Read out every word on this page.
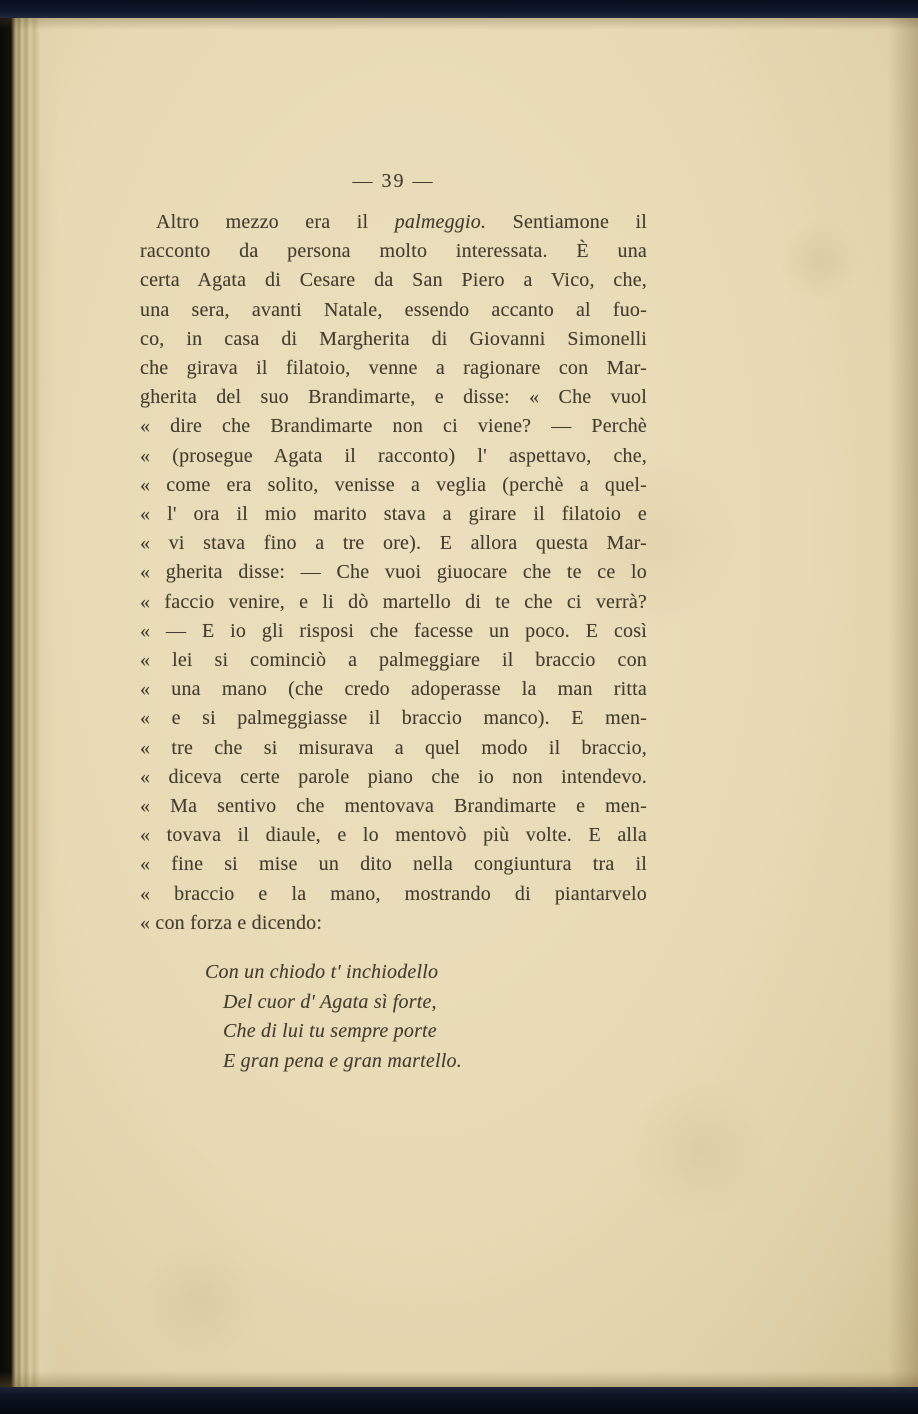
— 39 —
Altro mezzo era il palmeggio. Sentiamone il
racconto da persona molto interessata. È una
certa Agata di Cesare da San Piero a Vico, che,
una sera, avanti Natale, essendo accanto al fuo-
co, in casa di Margherita di Giovanni Simonelli
che girava il filatoio, venne a ragionare con Mar-
gherita del suo Brandimarte, e disse: « Che vuol
« dire che Brandimarte non ci viene? — Perchè
« (prosegue Agata il racconto) l' aspettavo, che,
« come era solito, venisse a veglia (perchè a quel-
« l' ora il mio marito stava a girare il filatoio e
« vi stava fino a tre ore). E allora questa Mar-
« gherita disse: — Che vuoi giuocare che te ce lo
« faccio venire, e li dò martello di te che ci verrà?
« — E io gli risposi che facesse un poco. E così
« lei si cominciò a palmeggiare il braccio con
« una mano (che credo adoperasse la man ritta
« e si palmeggiasse il braccio manco). E men-
« tre che si misurava a quel modo il braccio,
« diceva certe parole piano che io non intendevo.
« Ma sentivo che mentovava Brandimarte e men-
« tovava il diaule, e lo mentovò più volte. E alla
« fine si mise un dito nella congiuntura tra il
« braccio e la mano, mostrando di piantarvelo
« con forza e dicendo:
Con un chiodo t' inchiodello
Del cuor d' Agata sì forte,
Che di lui tu sempre porte
E gran pena e gran martello.
